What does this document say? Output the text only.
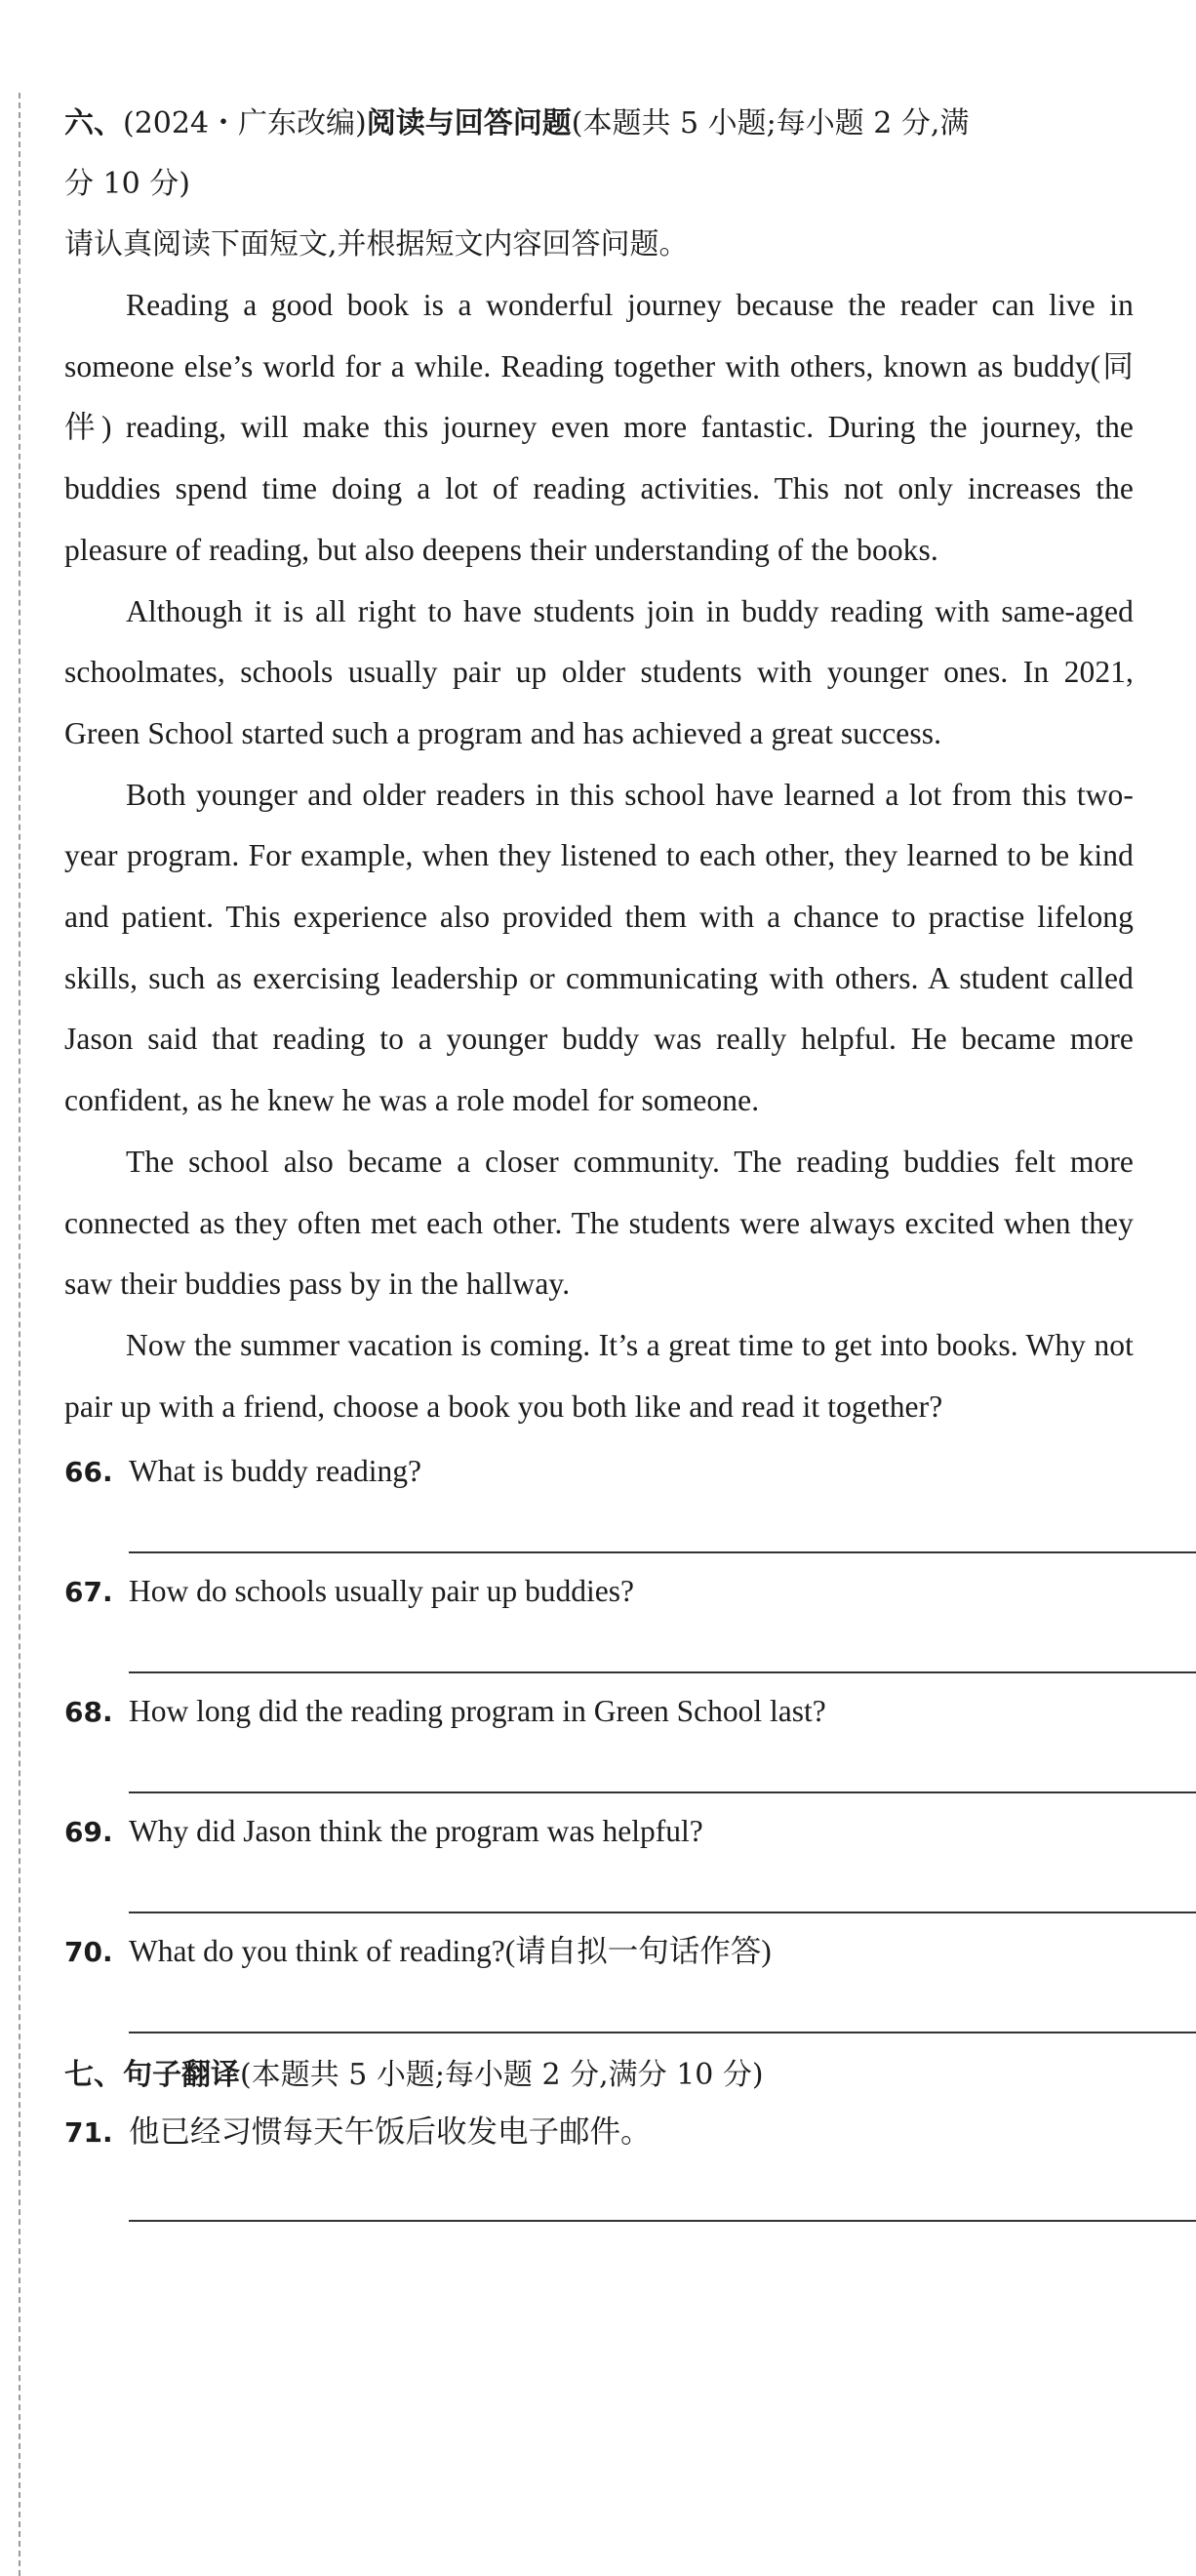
六、(2024・广东改编)阅读与回答问题(本题共 5 小题;每小题 2 分,满
分 10 分)
请认真阅读下面短文,并根据短文内容回答问题。

Reading a good book is a wonderful journey because the reader can live in someone else’s world for a while. Reading together with others, known as buddy(同伴) reading, will make this journey even more fantastic. During the journey, the buddies spend time doing a lot of reading activities. This not only increases the pleasure of reading, but also deepens their understanding of the books.

Although it is all right to have students join in buddy reading with same-aged schoolmates, schools usually pair up older students with younger ones. In 2021, Green School started such a program and has achieved a great success.

Both younger and older readers in this school have learned a lot from this two-year program. For example, when they listened to each other, they learned to be kind and patient. This experience also provided them with a chance to practise lifelong skills, such as exercising leadership or communicating with others. A student called Jason said that reading to a younger buddy was really helpful. He became more confident, as he knew he was a role model for someone.

The school also became a closer community. The reading buddies felt more connected as they often met each other. The students were always excited when they saw their buddies pass by in the hallway.

Now the summer vacation is coming. It’s a great time to get into books. Why not pair up with a friend, choose a book you both like and read it together?

66. What is buddy reading?
67. How do schools usually pair up buddies?
68. How long did the reading program in Green School last?
69. Why did Jason think the program was helpful?
70. What do you think of reading?(请自拟一句话作答)
七、句子翻译(本题共 5 小题;每小题 2 分,满分 10 分)
71. 他已经习惯每天午饭后收发电子邮件。
